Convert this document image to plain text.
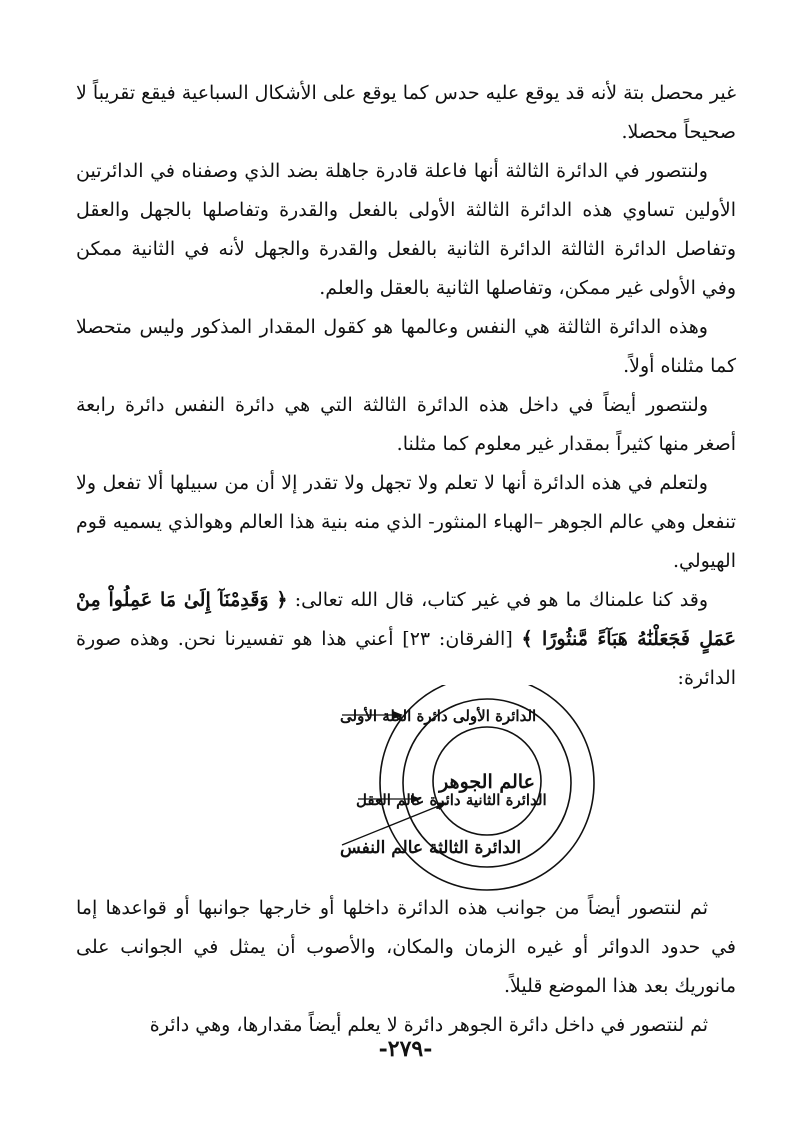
غير محصل بتة لأنه قد يوقع عليه حدس كما يوقع على الأشكال السباعية فيقع تقريباً لا صحيحاً محصلا.

ولنتصور في الدائرة الثالثة أنها فاعلة قادرة جاهلة بضد الذي وصفناه في الدائرتين الأولين تساوي هذه الدائرة الثالثة الأولى بالفعل والقدرة وتفاصلها بالجهل والعقل وتفاصل الدائرة الثالثة الدائرة الثانية بالفعل والقدرة والجهل لأنه في الثانية ممكن وفي الأولى غير ممكن، وتفاصلها الثانية بالعقل والعلم.

وهذه الدائرة الثالثة هي النفس وعالمها هو كقول المقدار المذكور وليس متحصلا كما مثلناه أولاً.

ولنتصور أيضاً في داخل هذه الدائرة الثالثة التي هي دائرة النفس دائرة رابعة أصغر منها كثيراً بمقدار غير معلوم كما مثلنا.

ولتعلم في هذه الدائرة أنها لا تعلم ولا تجهل ولا تقدر إلا أن من سبيلها ألا تفعل ولا تنفعل وهي عالم الجوهر –الهباء المنثور- الذي منه بنية هذا العالم وهوالذي يسميه قوم الهيولي.

وقد كنا علمناك ما هو في غير كتاب، قال الله تعالى: ﴿ وَقَدِمْنَآ إِلَىٰ مَا عَمِلُواْ مِنْ عَمَلٍ فَجَعَلْنَٰهُ هَبَآءً مَّنثُورًا ﴾ [الفرقان: ٢٣] أعني هذا هو تفسيرنا نحن. وهذه صورة الدائرة:

عالم الجوهر
الدائرة الأولى دائرة العلة الأولى
الدائرة الثانية دائرة عالم العقل
الدائرة الثالثة عالم النفس

ثم لنتصور أيضاً من جوانب هذه الدائرة داخلها أو خارجها جوانبها أو قواعدها إما في حدود الدوائر أو غيره الزمان والمكان، والأصوب أن يمثل في الجوانب على مانوريك بعد هذا الموضع قليلاً.

ثم لنتصور في داخل دائرة الجوهر دائرة لا يعلم أيضاً مقدارها، وهي دائرة

-٢٧٩-
